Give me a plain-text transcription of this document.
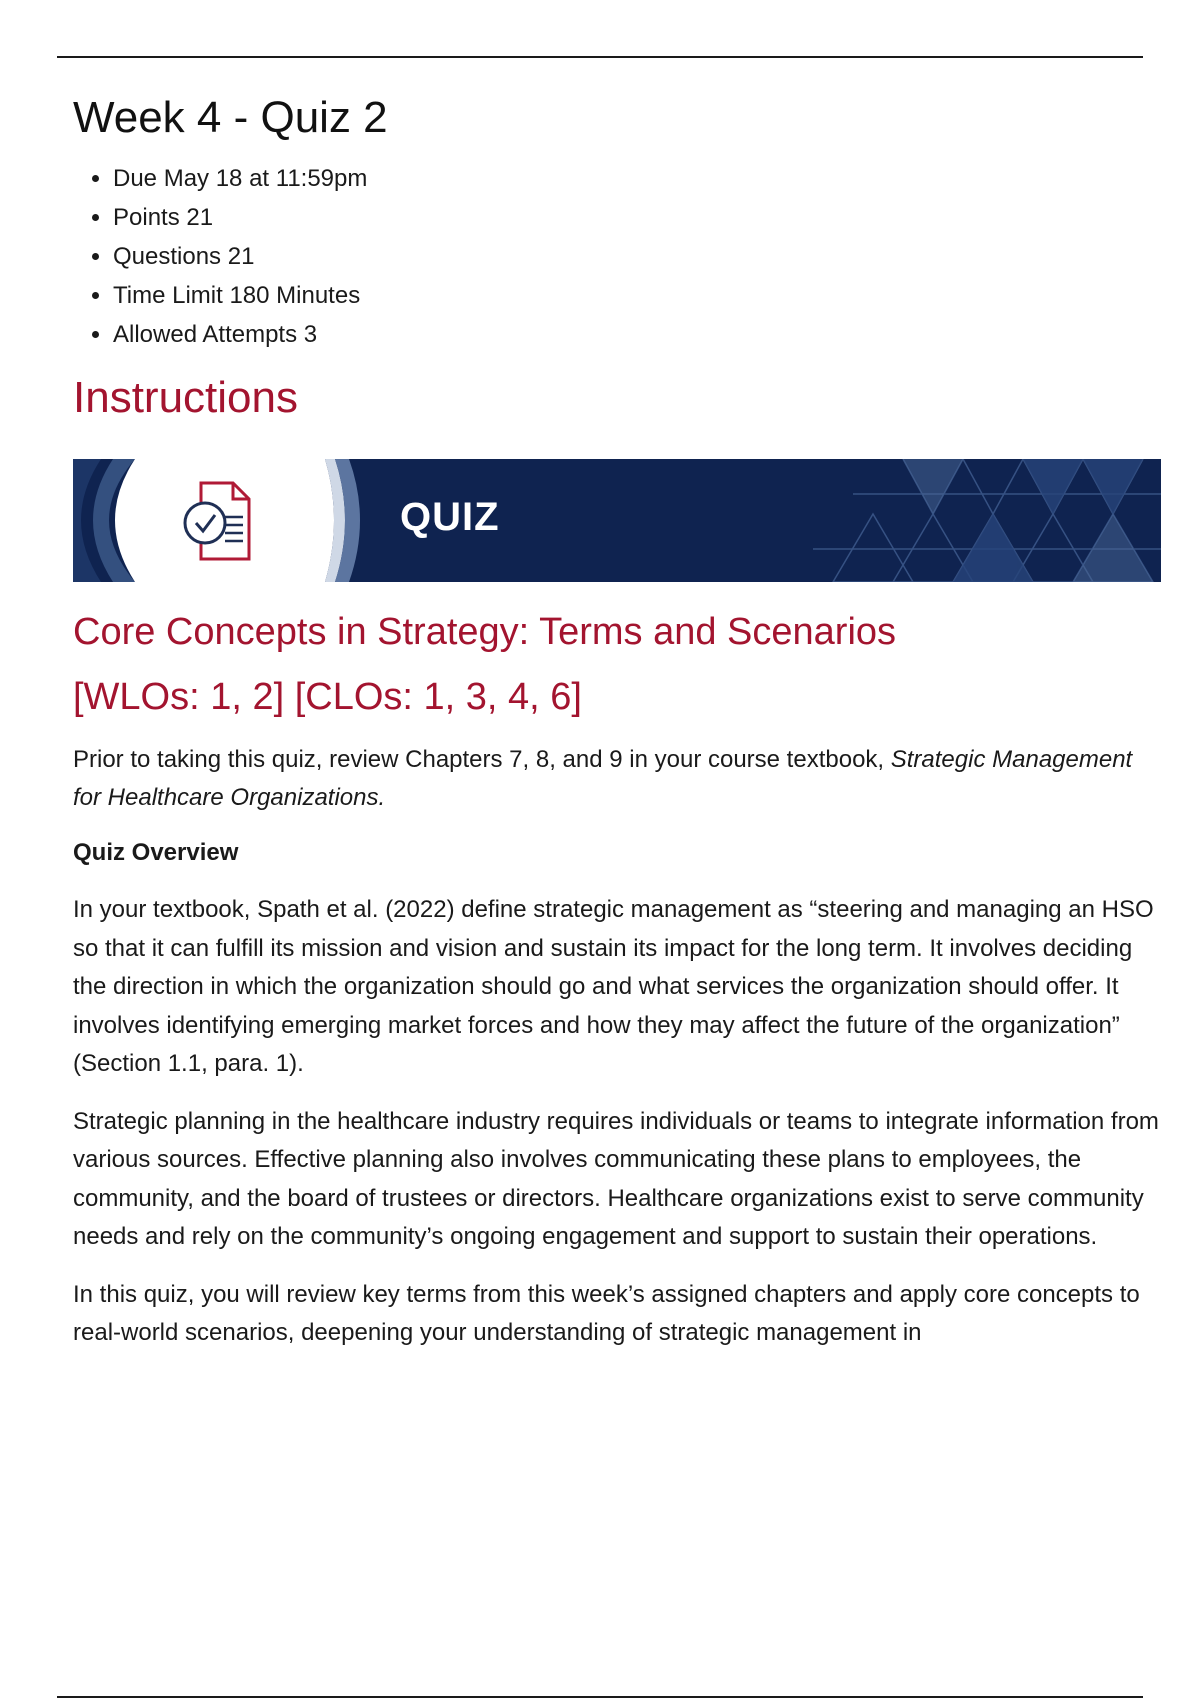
Week 4 - Quiz 2
• Due May 18 at 11:59pm
• Points 21
• Questions 21
• Time Limit 180 Minutes
• Allowed Attempts 3
Instructions
QUIZ
Core Concepts in Strategy: Terms and Scenarios
[WLOs: 1, 2] [CLOs: 1, 3, 4, 6]

Prior to taking this quiz, review Chapters 7, 8, and 9 in your course textbook, Strategic Management for Healthcare Organizations.

Quiz Overview

In your textbook, Spath et al. (2022) define strategic management as “steering and managing an HSO so that it can fulfill its mission and vision and sustain its impact for the long term. It involves deciding the direction in which the organization should go and what services the organization should offer. It involves identifying emerging market forces and how they may affect the future of the organization” (Section 1.1, para. 1).

Strategic planning in the healthcare industry requires individuals or teams to integrate information from various sources. Effective planning also involves communicating these plans to employees, the community, and the board of trustees or directors. Healthcare organizations exist to serve community needs and rely on the community’s ongoing engagement and support to sustain their operations.

In this quiz, you will review key terms from this week’s assigned chapters and apply core concepts to real-world scenarios, deepening your understanding of strategic management in
